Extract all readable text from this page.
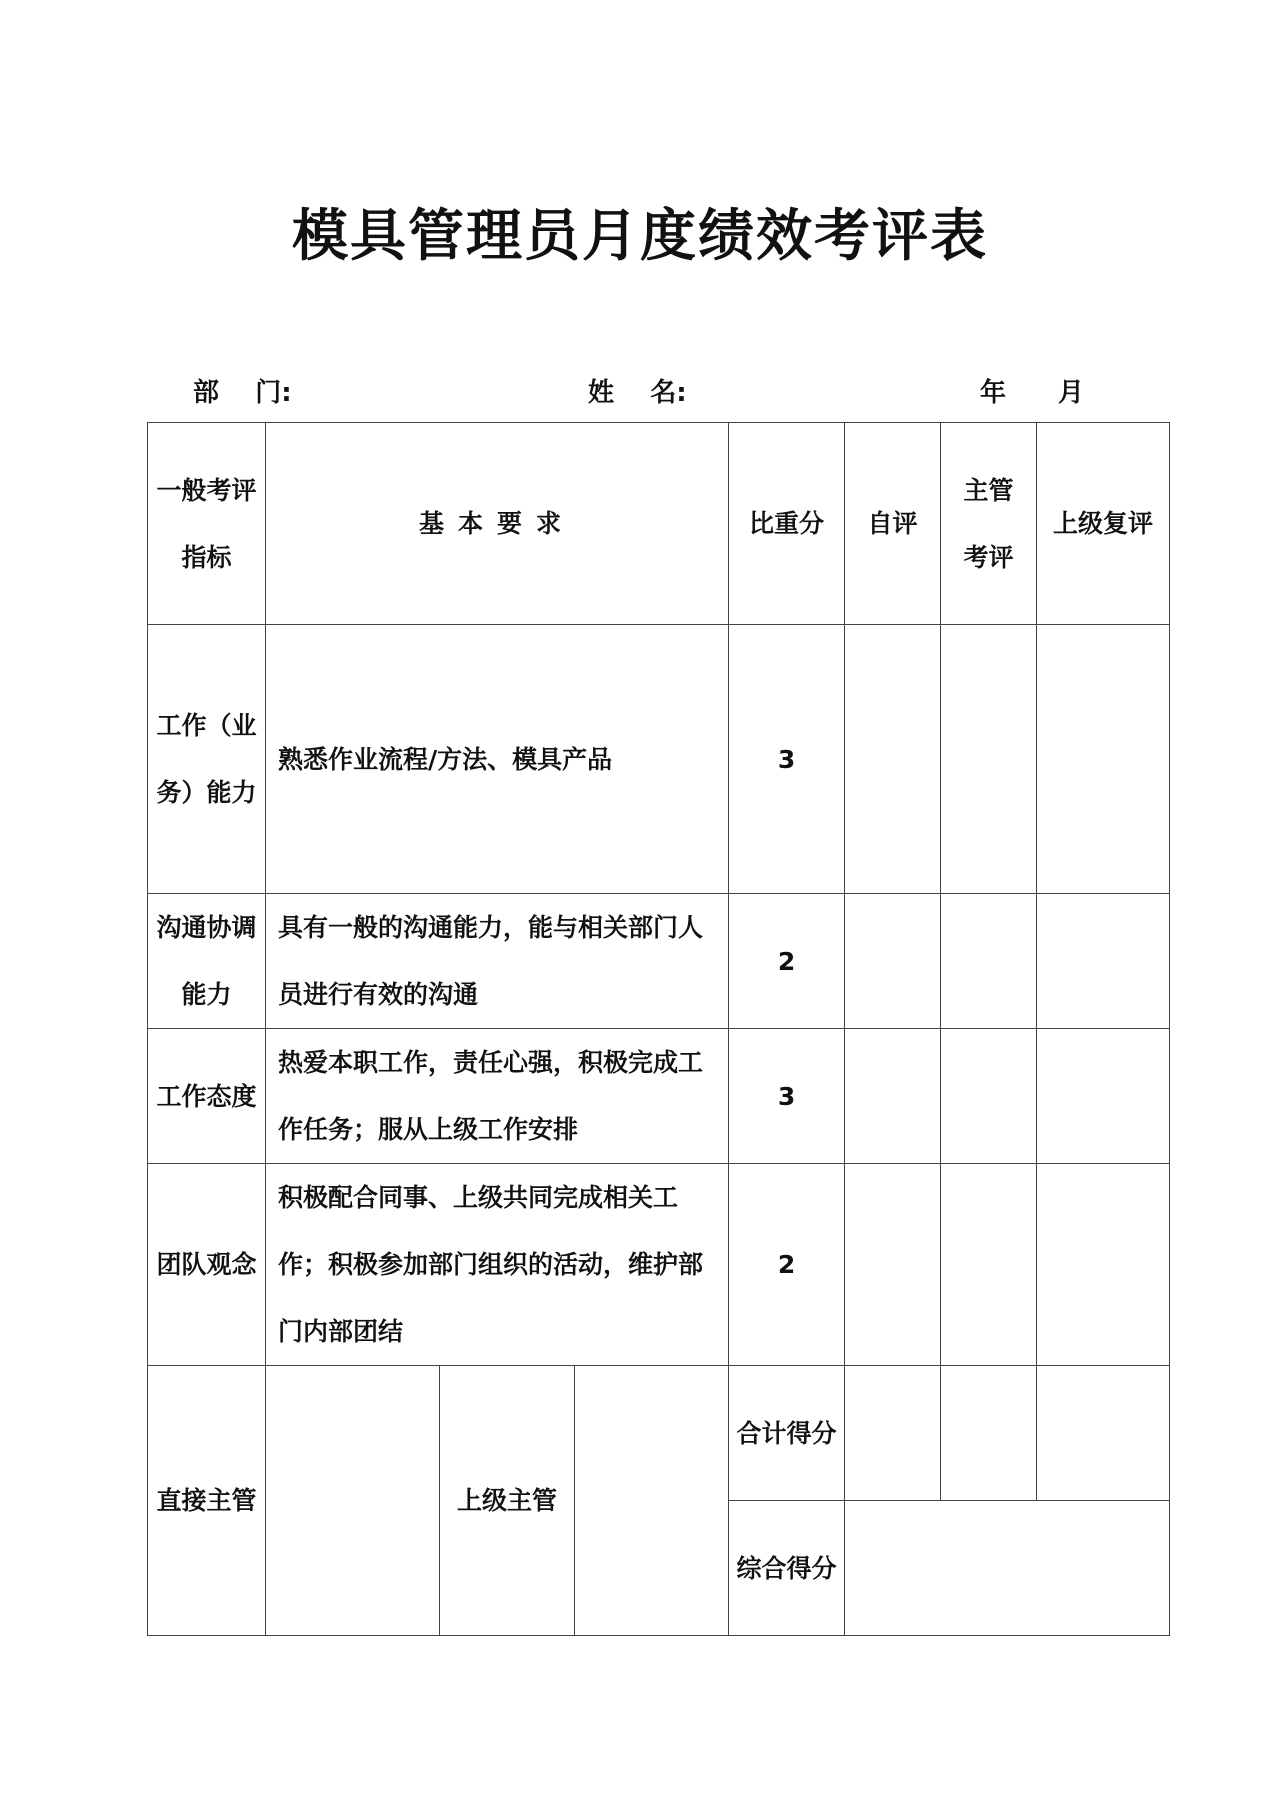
模具管理员月度绩效考评表
部    门:	姓    名:	年 月
一般考评指标	基本要求			比重分	自评	主管考评	上级复评
工作（业务）能力	熟悉作业流程/方法、模具产品			3			
沟通协调能力	具有一般的沟通能力，能与相关部门人员进行有效的沟通			2			
工作态度	热爱本职工作，责任心强，积极完成工作任务；服从上级工作安排			3			
团队观念	积极配合同事、上级共同完成相关工作；积极参加部门组织的活动，维护部门内部团结			2			
直接主管		上级主管		合计得分			
				综合得分			
